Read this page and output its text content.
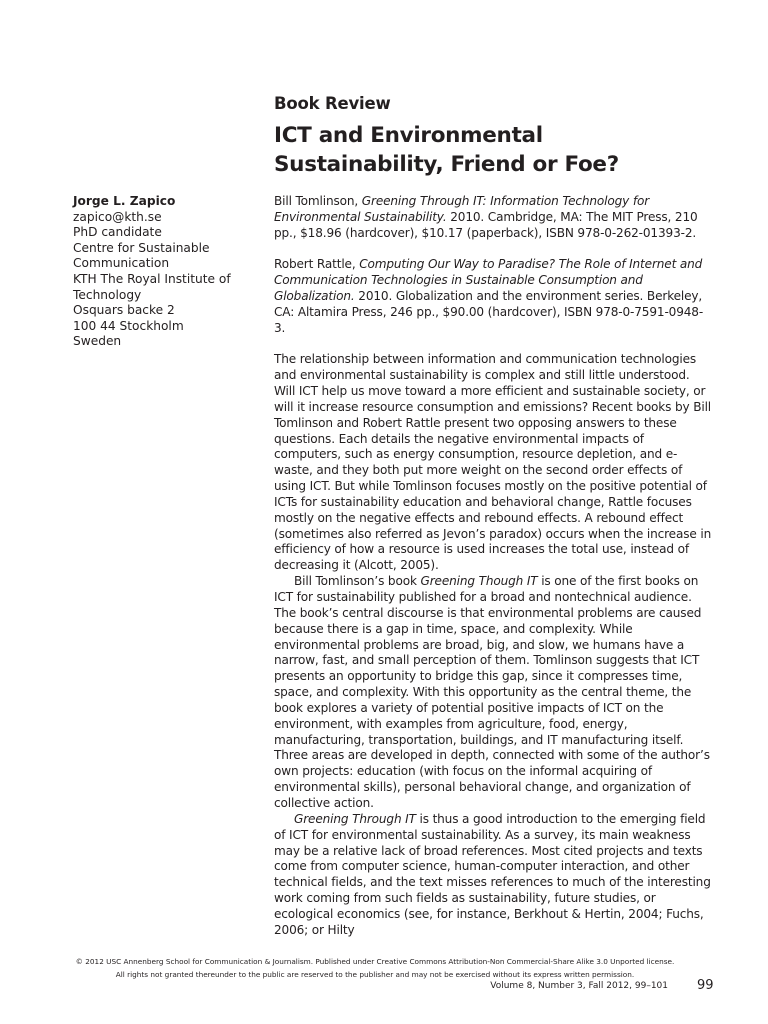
Book Review
ICT and Environmental Sustainability, Friend or Foe?
Jorge L. Zapico
zapico@kth.se
PhD candidate
Centre for Sustainable Communication
KTH The Royal Institute of Technology
Osquars backe 2
100 44 Stockholm
Sweden

Bill Tomlinson, Greening Through IT: Information Technology for Environmental Sustainability. 2010. Cambridge, MA: The MIT Press, 210 pp., $18.96 (hardcover), $10.17 (paperback), ISBN 978-0-262-01393-2.

Robert Rattle, Computing Our Way to Paradise? The Role of Internet and Communication Technologies in Sustainable Consumption and Globalization. 2010. Globalization and the environment series. Berkeley, CA: Altamira Press, 246 pp., $90.00 (hardcover), ISBN 978-0-7591-0948-3.

The relationship between information and communication technologies and environmental sustainability is complex and still little understood. Will ICT help us move toward a more efficient and sustainable society, or will it increase resource consumption and emissions? Recent books by Bill Tomlinson and Robert Rattle present two opposing answers to these questions. Each details the negative environmental impacts of computers, such as energy consumption, resource depletion, and e-waste, and they both put more weight on the second order effects of using ICT. But while Tomlinson focuses mostly on the positive potential of ICTs for sustainability education and behavioral change, Rattle focuses mostly on the negative effects and rebound effects. A rebound effect (sometimes also referred as Jevon’s paradox) occurs when the increase in efficiency of how a resource is used increases the total use, instead of decreasing it (Alcott, 2005).

Bill Tomlinson’s book Greening Though IT is one of the first books on ICT for sustainability published for a broad and nontechnical audience. The book’s central discourse is that environmental problems are caused because there is a gap in time, space, and complexity. While environmental problems are broad, big, and slow, we humans have a narrow, fast, and small perception of them. Tomlinson suggests that ICT presents an opportunity to bridge this gap, since it compresses time, space, and complexity. With this opportunity as the central theme, the book explores a variety of potential positive impacts of ICT on the environment, with examples from agriculture, food, energy, manufacturing, transportation, buildings, and IT manufacturing itself. Three areas are developed in depth, connected with some of the author’s own projects: education (with focus on the informal acquiring of environmental skills), personal behavioral change, and organization of collective action.

Greening Through IT is thus a good introduction to the emerging field of ICT for environmental sustainability. As a survey, its main weakness may be a relative lack of broad references. Most cited projects and texts come from computer science, human-computer interaction, and other technical fields, and the text misses references to much of the interesting work coming from such fields as sustainability, future studies, or ecological economics (see, for instance, Berkhout & Hertin, 2004; Fuchs, 2006; or Hilty

© 2012 USC Annenberg School for Communication & Journalism. Published under Creative Commons Attribution-Non Commercial-Share Alike 3.0 Unported license. All rights not granted thereunder to the public are reserved to the publisher and may not be exercised without its express written permission.
Volume 8, Number 3, Fall 2012, 99–101 99
